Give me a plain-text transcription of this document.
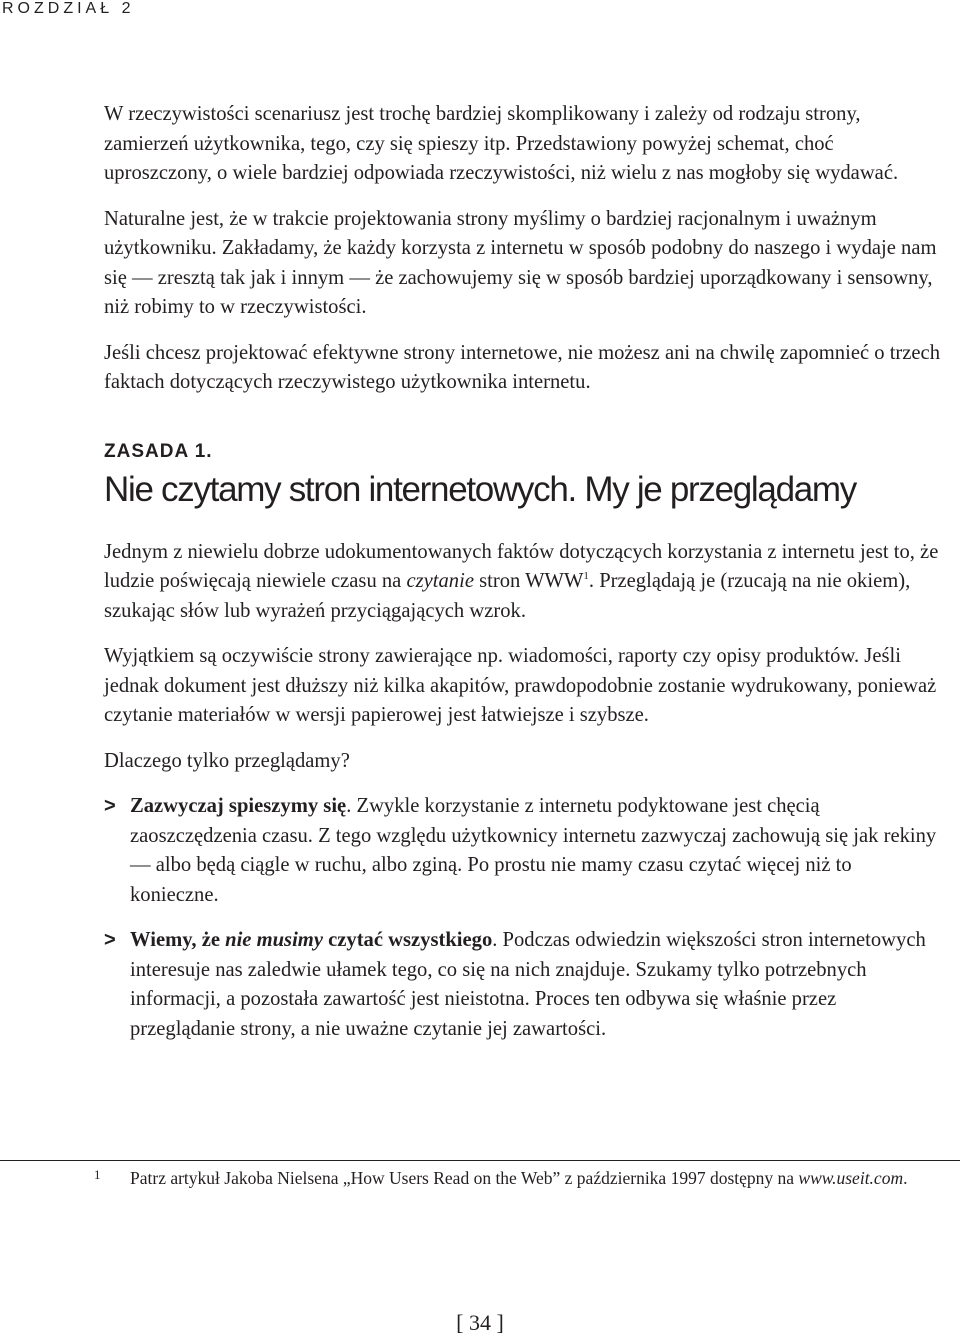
ROZDZIAŁ 2

W rzeczywistości scenariusz jest trochę bardziej skomplikowany i zależy od rodzaju strony, zamierzeń użytkownika, tego, czy się spieszy itp. Przedstawiony powyżej schemat, choć uproszczony, o wiele bardziej odpowiada rzeczywistości, niż wielu z nas mogłoby się wydawać.

Naturalne jest, że w trakcie projektowania strony myślimy o bardziej racjonalnym i uważnym użytkowniku. Zakładamy, że każdy korzysta z internetu w sposób podobny do naszego i wydaje nam się — zresztą tak jak i innym — że zachowujemy się w sposób bardziej uporządkowany i sensowny, niż robimy to w rzeczywistości.

Jeśli chcesz projektować efektywne strony internetowe, nie możesz ani na chwilę zapomnieć o trzech faktach dotyczących rzeczywistego użytkownika internetu.

ZASADA 1.
Nie czytamy stron internetowych. My je przeglądamy

Jednym z niewielu dobrze udokumentowanych faktów dotyczących korzystania z internetu jest to, że ludzie poświęcają niewiele czasu na czytanie stron WWW$^1$. Przeglądają je (rzucają na nie okiem), szukając słów lub wyrażeń przyciągających wzrok.

Wyjątkiem są oczywiście strony zawierające np. wiadomości, raporty czy opisy produktów. Jeśli jednak dokument jest dłuższy niż kilka akapitów, prawdopodobnie zostanie wydrukowany, ponieważ czytanie materiałów w wersji papierowej jest łatwiejsze i szybsze.

Dlaczego tylko przeglądamy?

> Zazwyczaj spieszymy się. Zwykle korzystanie z internetu podyktowane jest chęcią zaoszczędzenia czasu. Z tego względu użytkownicy internetu zazwyczaj zachowują się jak rekiny — albo będą ciągle w ruchu, albo zginą. Po prostu nie mamy czasu czytać więcej niż to konieczne.

> Wiemy, że nie musimy czytać wszystkiego. Podczas odwiedzin większości stron internetowych interesuje nas zaledwie ułamek tego, co się na nich znajduje. Szukamy tylko potrzebnych informacji, a pozostała zawartość jest nieistotna. Proces ten odbywa się właśnie przez przeglądanie strony, a nie uważne czytanie jej zawartości.

1	Patrz artykuł Jakoba Nielsena „How Users Read on the Web” z października 1997 dostępny na www.useit.com.
[ 34 ]
